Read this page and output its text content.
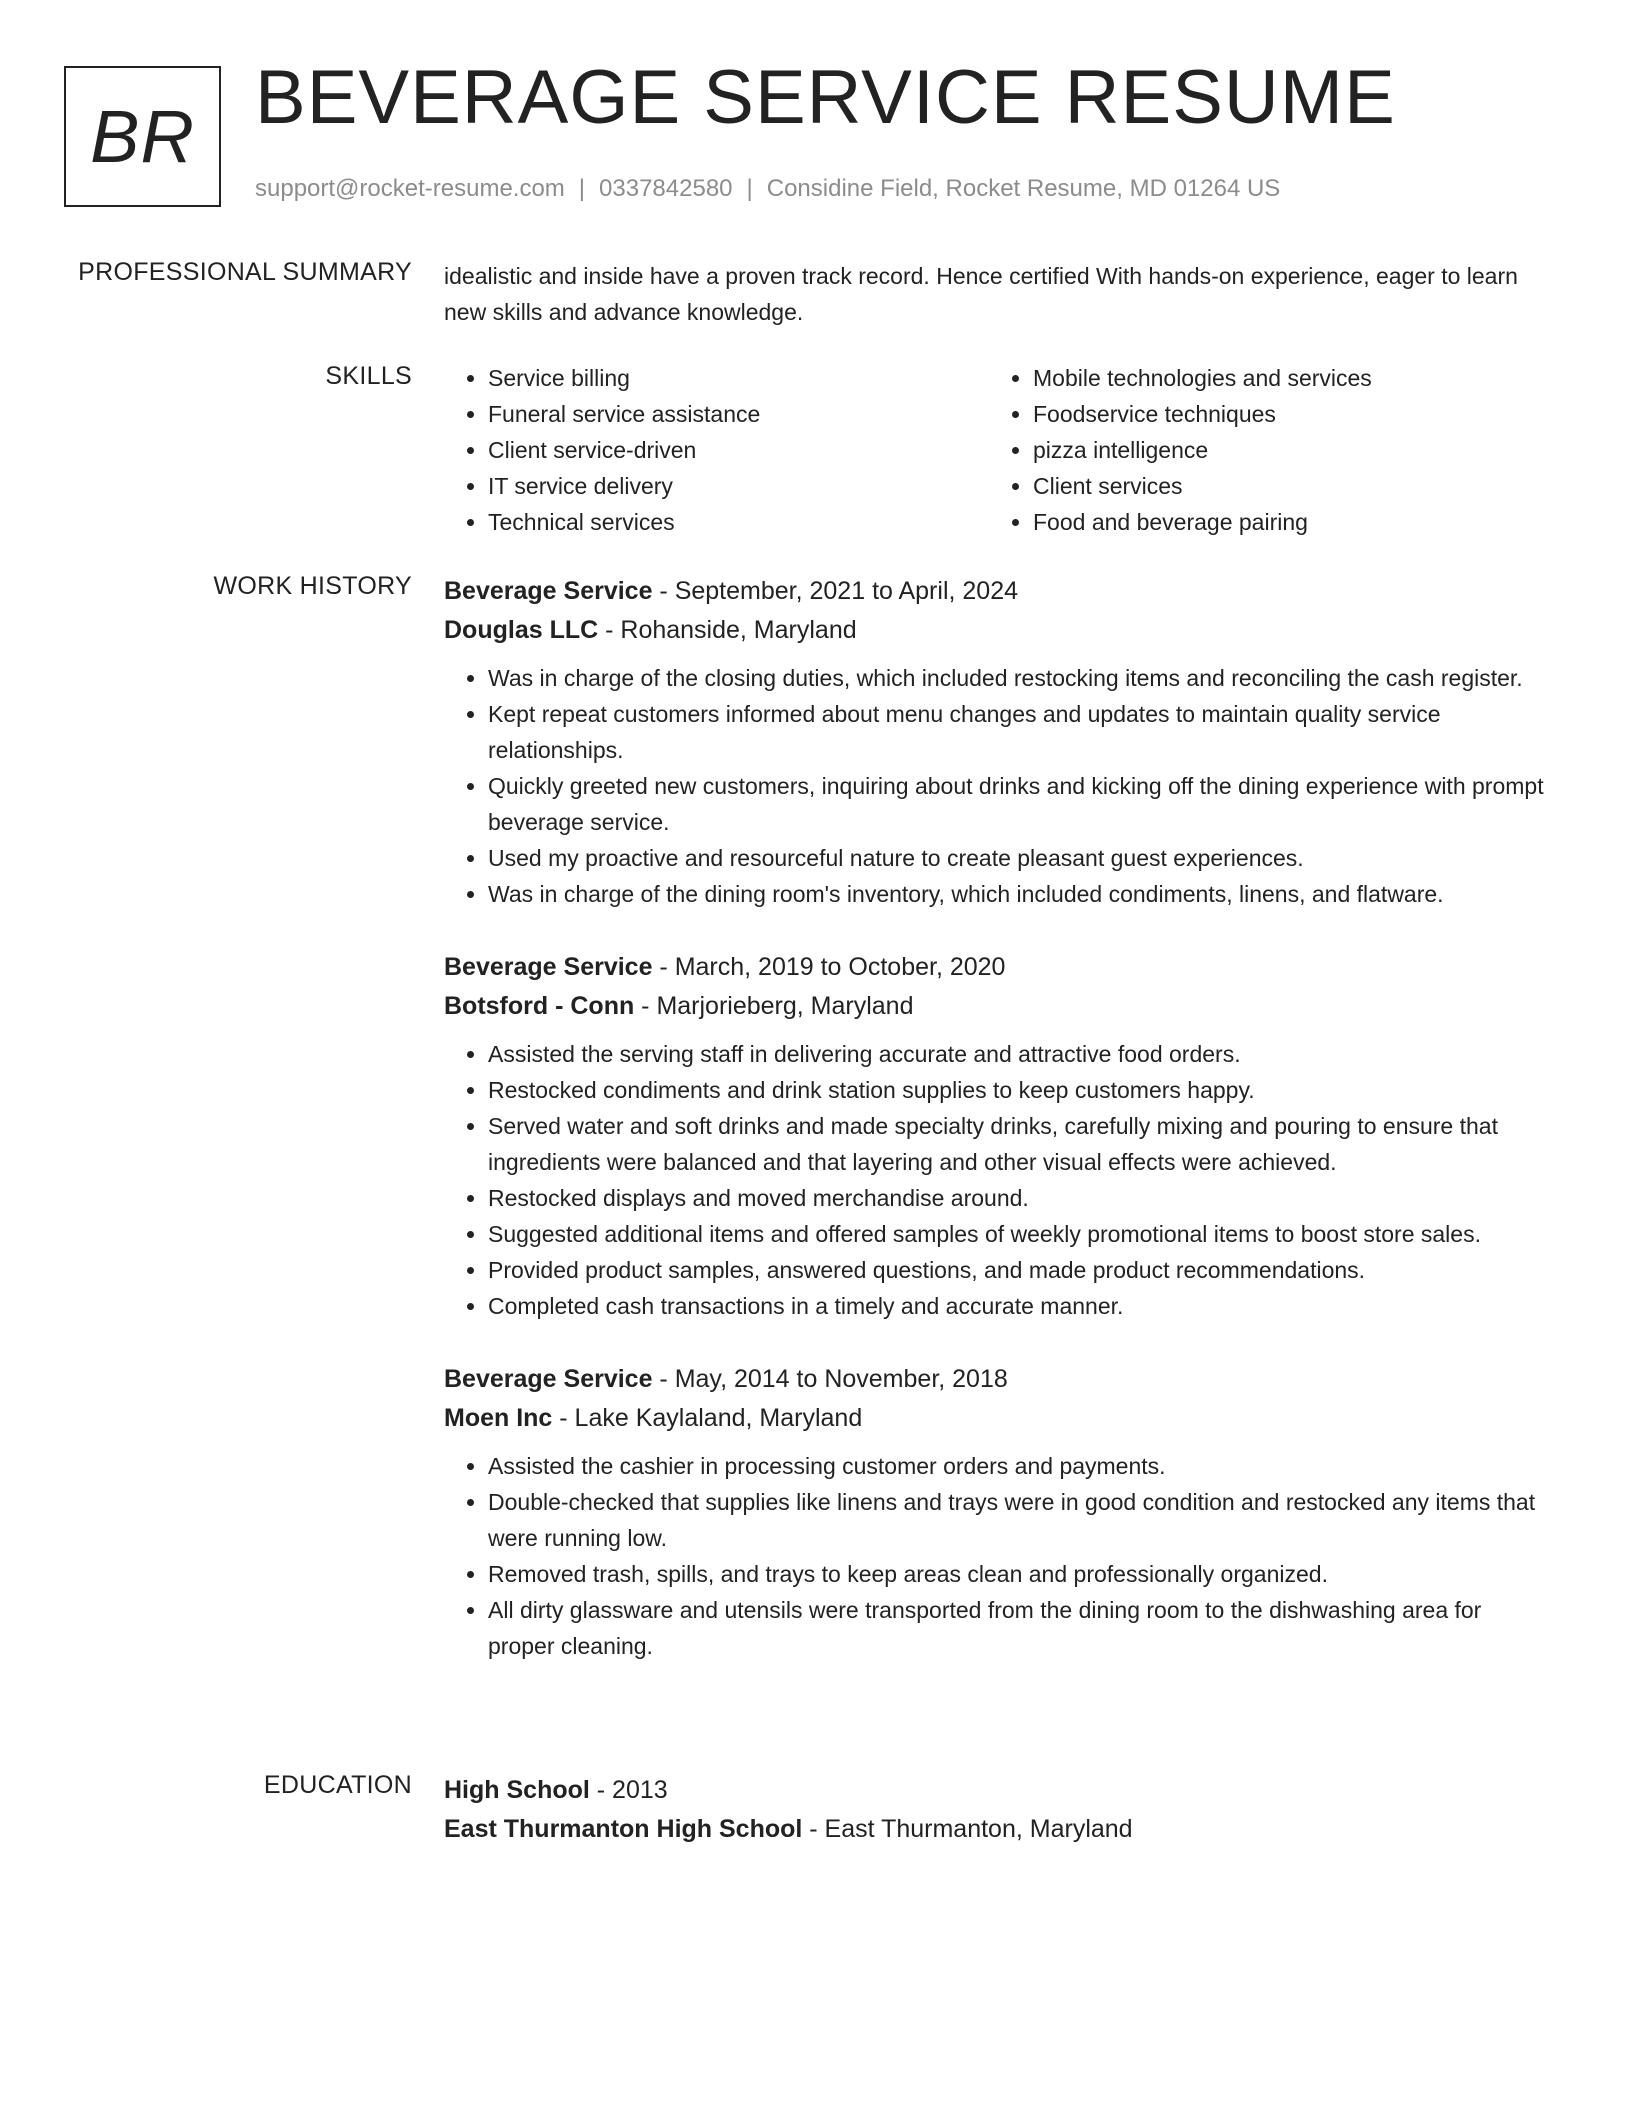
BR BEVERAGE SERVICE RESUME
support@rocket-resume.com | 0337842580 | Considine Field, Rocket Resume, MD 01264 US
PROFESSIONAL SUMMARY idealistic and inside have a proven track record. Hence certified With hands-on experience, eager to learn new skills and advance knowledge.

SKILLS
•	Service billing
• Funeral service assistance
• Client service-driven
• IT service delivery
• Technical services
• Mobile technologies and services
• Foodservice techniques
• pizza intelligence
• Client services
• Food and beverage pairing
WORK HISTORY Beverage Service - September, 2021 to April, 2024
Douglas LLC - Rohanside, Maryland
• Was in charge of the closing duties, which included restocking items and reconciling the cash register.
• Kept repeat customers informed about menu changes and updates to maintain quality service relationships.
• Quickly greeted new customers, inquiring about drinks and kicking off the dining experience with prompt beverage service.
• Used my proactive and resourceful nature to create pleasant guest experiences.
• Was in charge of the dining room's inventory, which included condiments, linens, and flatware.
Beverage Service - March, 2019 to October, 2020
Botsford - Conn - Marjorieberg, Maryland
• Assisted the serving staff in delivering accurate and attractive food orders.
• Restocked condiments and drink station supplies to keep customers happy.
• Served water and soft drinks and made specialty drinks, carefully mixing and pouring to ensure that ingredients were balanced and that layering and other visual effects were achieved.
• Restocked displays and moved merchandise around.
• Suggested additional items and offered samples of weekly promotional items to boost store sales.
• Provided product samples, answered questions, and made product recommendations.
• Completed cash transactions in a timely and accurate manner.
Beverage Service - May, 2014 to November, 2018
Moen Inc - Lake Kaylaland, Maryland
• Assisted the cashier in processing customer orders and payments.
• Double-checked that supplies like linens and trays were in good condition and restocked any items that were running low.
• Removed trash, spills, and trays to keep areas clean and professionally organized.
• All dirty glassware and utensils were transported from the dining room to the dishwashing area for proper cleaning.
EDUCATION High School - 2013
East Thurmanton High School - East Thurmanton, Maryland
